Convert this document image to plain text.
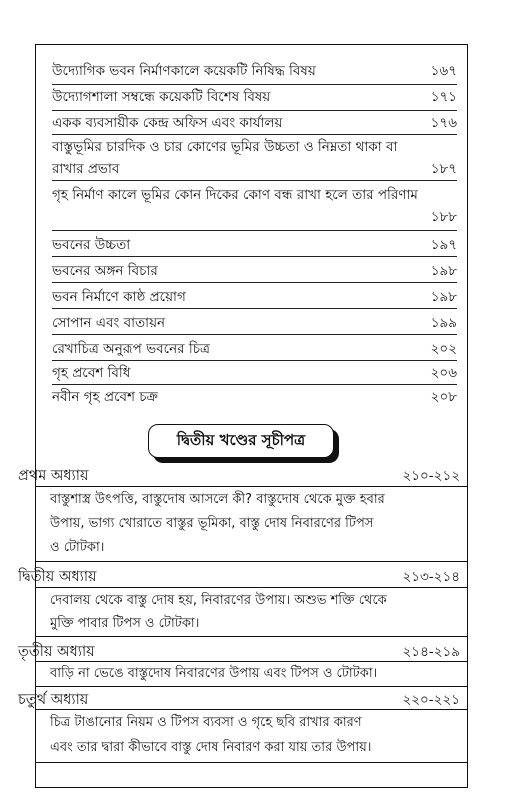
উদ্যোগিক ভবন নির্মাণকালে কয়েকটি নিষিদ্ধ বিষয়	১৬৭
উদ্যোগশালা সম্বন্ধে কয়েকটি বিশেষ বিষয়	১৭১
একক ব্যবসায়ীক কেন্দ্র অফিস এবং কার্যালয়	১৭৬
বাস্তুভূমির চারদিক ও চার কোণের ভূমির উচ্চতা ও নিম্নতা থাকা বা
রাখার প্রভাব	১৮৭
গৃহ নির্মাণ কালে ভূমির কোন দিকের কোণ বন্ধ রাখা হলে তার পরিণাম
১৮৮
ভবনের উচ্চতা	১৯৭
ভবনের অঙ্গন বিচার	১৯৮
ভবন নির্মাণে কাষ্ঠ প্রয়োগ	১৯৮
সোপান এবং বাতায়ন	১৯৯
রেখাচিত্র অনুরূপ ভবনের চিত্র	২০২
গৃহ প্রবেশ বিধি	২০৬
নবীন গৃহ প্রবেশ চক্র	২০৮
দ্বিতীয় খণ্ডের সূচীপত্র
প্রথম অধ্যায়	২১০-২১২
বাস্তুশাস্ত্র উৎপত্তি, বাস্তুদোষ আসলে কী? বাস্তুদোষ থেকে মুক্ত হবার
উপায়, ভাগ্য খোরাতে বাস্তুর ভূমিকা, বাস্তু দোষ নিবারণের টিপস
ও টোটকা।
দ্বিতীয় অধ্যায়	২১৩-২১৪
দেবালয় থেকে বাস্তু দোষ হয়, নিবারণের উপায়। অশুভ শক্তি থেকে
মুক্তি পাবার টিপস ও টোটকা।
তৃতীয় অধ্যায়	২১৪-২১৯
বাড়ি না ভেঙে বাস্তুদোষ নিবারণের উপায় এবং টিপস ও টোটকা।
চতুর্থ অধ্যায়	২২০-২২১
চিত্র টাঙানোর নিয়ম ও টিপস ব্যবসা ও গৃহে ছবি রাখার কারণ
এবং তার দ্বারা কীভাবে বাস্তু দোষ নিবারণ করা যায় তার উপায়।
